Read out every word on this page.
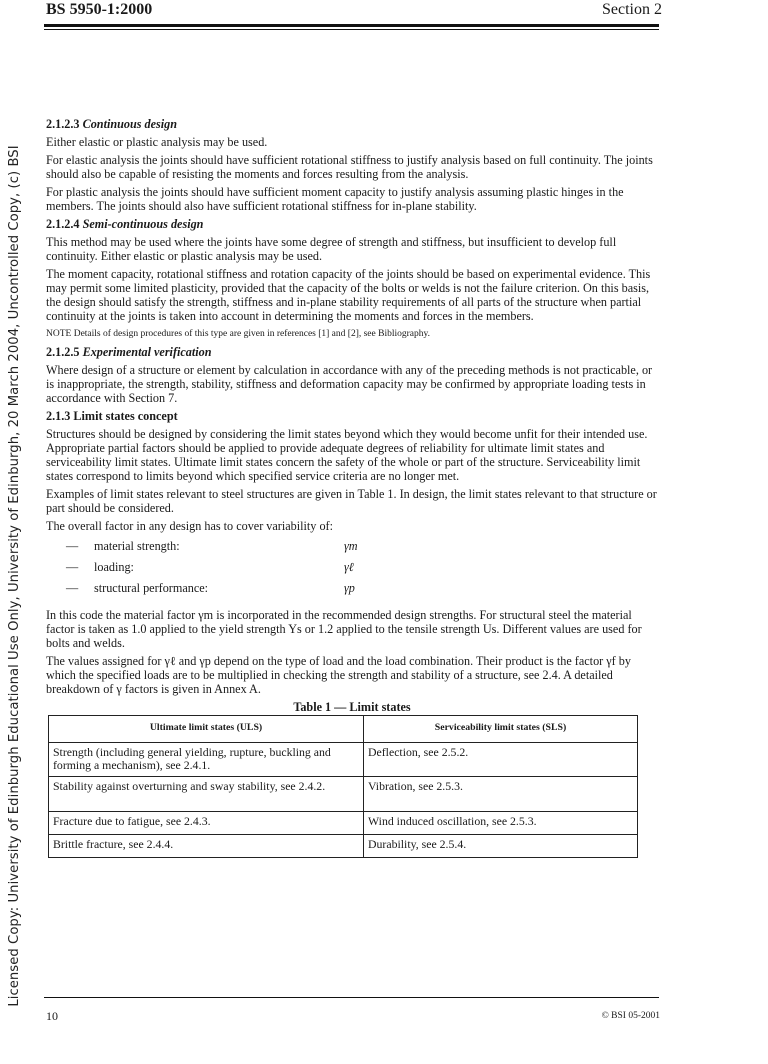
BS 5950-1:2000	Section 2
Licensed Copy: University of Edinburgh Educational Use Only, University of Edinburgh, 20 March 2004, Uncontrolled Copy, (c) BSI
2.1.2.3 Continuous design

Either elastic or plastic analysis may be used.

For elastic analysis the joints should have sufficient rotational stiffness to justify analysis based on full continuity. The joints should also be capable of resisting the moments and forces resulting from the analysis.

For plastic analysis the joints should have sufficient moment capacity to justify analysis assuming plastic hinges in the members. The joints should also have sufficient rotational stiffness for in-plane stability.

2.1.2.4 Semi-continuous design

This method may be used where the joints have some degree of strength and stiffness, but insufficient to develop full continuity. Either elastic or plastic analysis may be used.

The moment capacity, rotational stiffness and rotation capacity of the joints should be based on experimental evidence. This may permit some limited plasticity, provided that the capacity of the bolts or welds is not the failure criterion. On this basis, the design should satisfy the strength, stiffness and in-plane stability requirements of all parts of the structure when partial continuity at the joints is taken into account in determining the moments and forces in the members.

NOTE Details of design procedures of this type are given in references [1] and [2], see Bibliography.

2.1.2.5 Experimental verification

Where design of a structure or element by calculation in accordance with any of the preceding methods is not practicable, or is inappropriate, the strength, stability, stiffness and deformation capacity may be confirmed by appropriate loading tests in accordance with Section 7.

2.1.3 Limit states concept

Structures should be designed by considering the limit states beyond which they would become unfit for their intended use. Appropriate partial factors should be applied to provide adequate degrees of reliability for ultimate limit states and serviceability limit states. Ultimate limit states concern the safety of the whole or part of the structure. Serviceability limit states correspond to limits beyond which specified service criteria are no longer met.

Examples of limit states relevant to steel structures are given in Table 1. In design, the limit states relevant to that structure or part should be considered.

The overall factor in any design has to cover variability of:

— material strength:	γm
— loading:	γℓ
— structural performance:	γp

In this code the material factor γm is incorporated in the recommended design strengths. For structural steel the material factor is taken as 1.0 applied to the yield strength Ys or 1.2 applied to the tensile strength Us. Different values are used for bolts and welds.

The values assigned for γℓ and γp depend on the type of load and the load combination. Their product is the factor γf by which the specified loads are to be multiplied in checking the strength and stability of a structure, see 2.4. A detailed breakdown of γ factors is given in Annex A.

Table 1 — Limit states
Ultimate limit states (ULS)	Serviceability limit states (SLS)
Strength (including general yielding, rupture, buckling and forming a mechanism), see 2.4.1.	Deflection, see 2.5.2.
Stability against overturning and sway stability, see 2.4.2.	Vibration, see 2.5.3.
Fracture due to fatigue, see 2.4.3.	Wind induced oscillation, see 2.5.3.
Brittle fracture, see 2.4.4.	Durability, see 2.5.4.
10	© BSI 05-2001
